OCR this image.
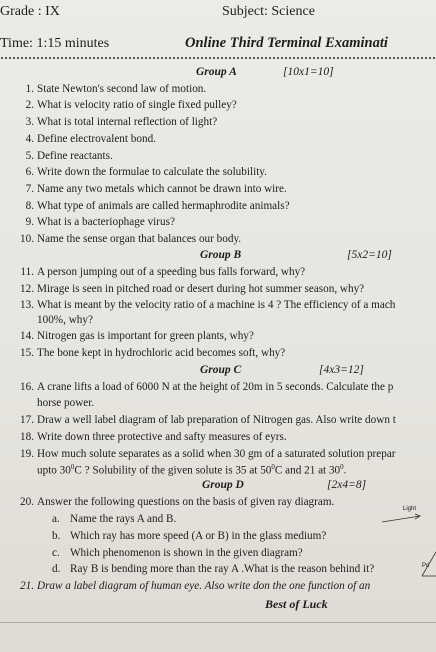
Grade : IX	Subject: Science
Time: 1:15 minutes	Online Third Terminal Examinati
Group A	[10x1=10]
1. State Newton's second law of motion.
2. What is velocity ratio of single fixed pulley?
3. What is total internal reflection of light?
4. Define electrovalent bond.
5. Define reactants.
6. Write down the formulae to calculate the solubility.
7. Name any two metals which cannot be drawn into wire.
8. What type of animals are called hermaphrodite animals?
9. What is a bacteriophage virus?
10. Name the sense organ that balances our body.
Group B	[5x2=10]
11. A person jumping out of a speeding bus falls forward, why?
12. Mirage is seen in pitched road or desert during hot summer season, why?
13. What is meant by the velocity ratio of a machine is 4 ? The efficiency of a mach
100%, why?
14. Nitrogen gas is important for green plants, why?
15. The bone kept in hydrochloric acid becomes soft, why?
Group C	[4x3=12]
16. A crane lifts a load of 6000 N at the height of 20m in 5 seconds. Calculate the p
horse power.
17. Draw a well label diagram of lab preparation of Nitrogen gas. Also write down t
18. Write down three protective and safty measures of eyrs.
19. How much solute separates as a solid when 30 gm of a saturated solution prepar
upto $30^0C$ ? Solubility of the given solute is 35 at $50^0C$ and 21 at $30^0$.
Group D	[2x4=8]
20. Answer the following questions on the basis of given ray diagram.
a. Name the rays A and B.
b. Which ray has more speed (A or B) in the glass medium?
c. Which phenomenon is shown in the given diagram?
d. Ray B is bending more than the ray A .What is the reason behind it?
Light
Pri
21. Draw a label diagram of human eye. Also write don the one function of an
Best of Luck
